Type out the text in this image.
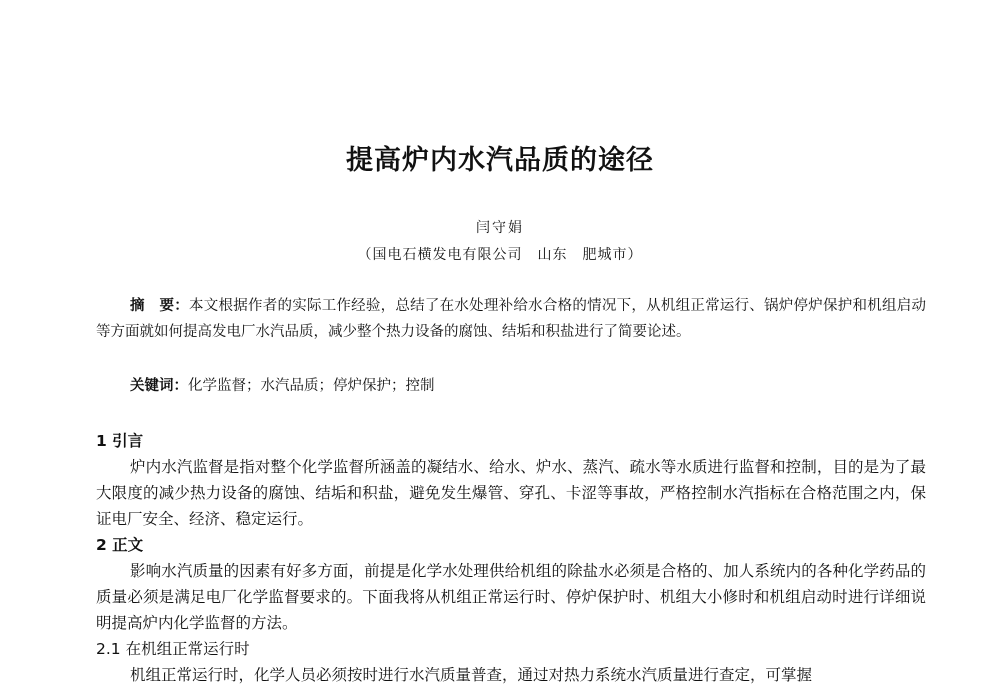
提高炉内水汽品质的途径
闫守娟
（国电石横发电有限公司　山东　肥城市）
摘　要：本文根据作者的实际工作经验，总结了在水处理补给水合格的情况下，从机组正常运行、锅炉停炉保护和机组启动等方面就如何提高发电厂水汽品质，减少整个热力设备的腐蚀、结垢和积盐进行了简要论述。
关键词：化学监督；水汽品质；停炉保护；控制
1 引言
炉内水汽监督是指对整个化学监督所涵盖的凝结水、给水、炉水、蒸汽、疏水等水质进行监督和控制，目的是为了最大限度的减少热力设备的腐蚀、结垢和积盐，避免发生爆管、穿孔、卡涩等事故，严格控制水汽指标在合格范围之内，保证电厂安全、经济、稳定运行。
2 正文
影响水汽质量的因素有好多方面，前提是化学水处理供给机组的除盐水必须是合格的、加人系统内的各种化学药品的质量必须是满足电厂化学监督要求的。下面我将从机组正常运行时、停炉保护时、机组大小修时和机组启动时进行详细说明提高炉内化学监督的方法。
2.1 在机组正常运行时
机组正常运行时，化学人员必须按时进行水汽质量普查，通过对热力系统水汽质量进行查定，可掌握
